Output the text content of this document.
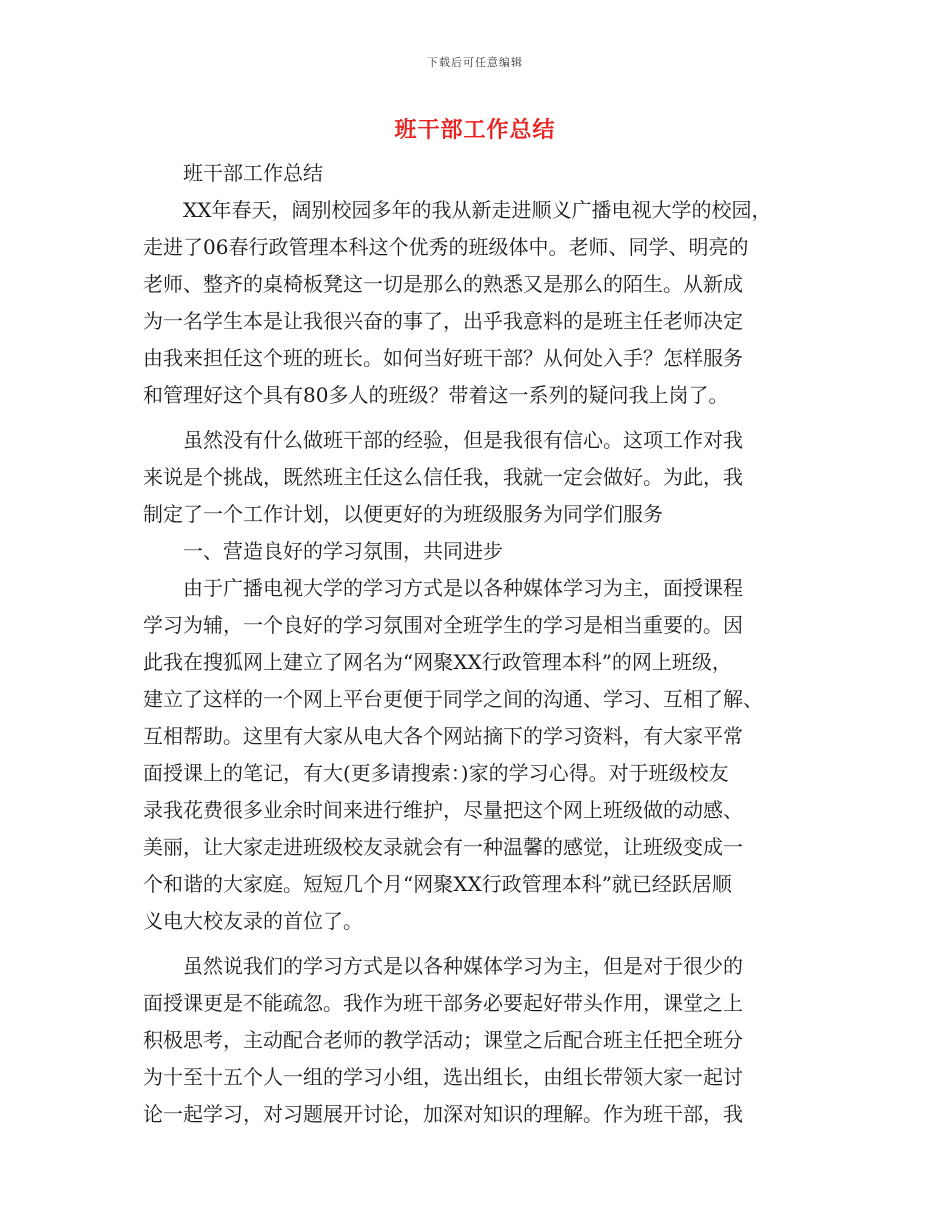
下载后可任意编辑
班干部工作总结

班干部工作总结

XX年春天，阔别校园多年的我从新走进顺义广播电视大学的校园，
走进了06春行政管理本科这个优秀的班级体中。老师、同学、明亮的
老师、整齐的桌椅板凳这一切是那么的熟悉又是那么的陌生。从新成
为一名学生本是让我很兴奋的事了，出乎我意料的是班主任老师决定
由我来担任这个班的班长。如何当好班干部？从何处入手？怎样服务
和管理好这个具有80多人的班级？带着这一系列的疑问我上岗了。

虽然没有什么做班干部的经验，但是我很有信心。这项工作对我
来说是个挑战，既然班主任这么信任我，我就一定会做好。为此，我
制定了一个工作计划，以便更好的为班级服务为同学们服务

一、营造良好的学习氛围，共同进步

由于广播电视大学的学习方式是以各种媒体学习为主，面授课程
学习为辅，一个良好的学习氛围对全班学生的学习是相当重要的。因
此我在搜狐网上建立了网名为“网聚XX行政管理本科”的网上班级，
建立了这样的一个网上平台更便于同学之间的沟通、学习、互相了解、
互相帮助。这里有大家从电大各个网站摘下的学习资料，有大家平常
面授课上的笔记，有大(更多请搜索：)家的学习心得。对于班级校友
录我花费很多业余时间来进行维护，尽量把这个网上班级做的动感、
美丽，让大家走进班级校友录就会有一种温馨的感觉，让班级变成一
个和谐的大家庭。短短几个月“网聚XX行政管理本科”就已经跃居顺
义电大校友录的首位了。

虽然说我们的学习方式是以各种媒体学习为主，但是对于很少的
面授课更是不能疏忽。我作为班干部务必要起好带头作用，课堂之上
积极思考，主动配合老师的教学活动；课堂之后配合班主任把全班分
为十至十五个人一组的学习小组，选出组长，由组长带领大家一起讨
论一起学习，对习题展开讨论，加深对知识的理解。作为班干部，我
